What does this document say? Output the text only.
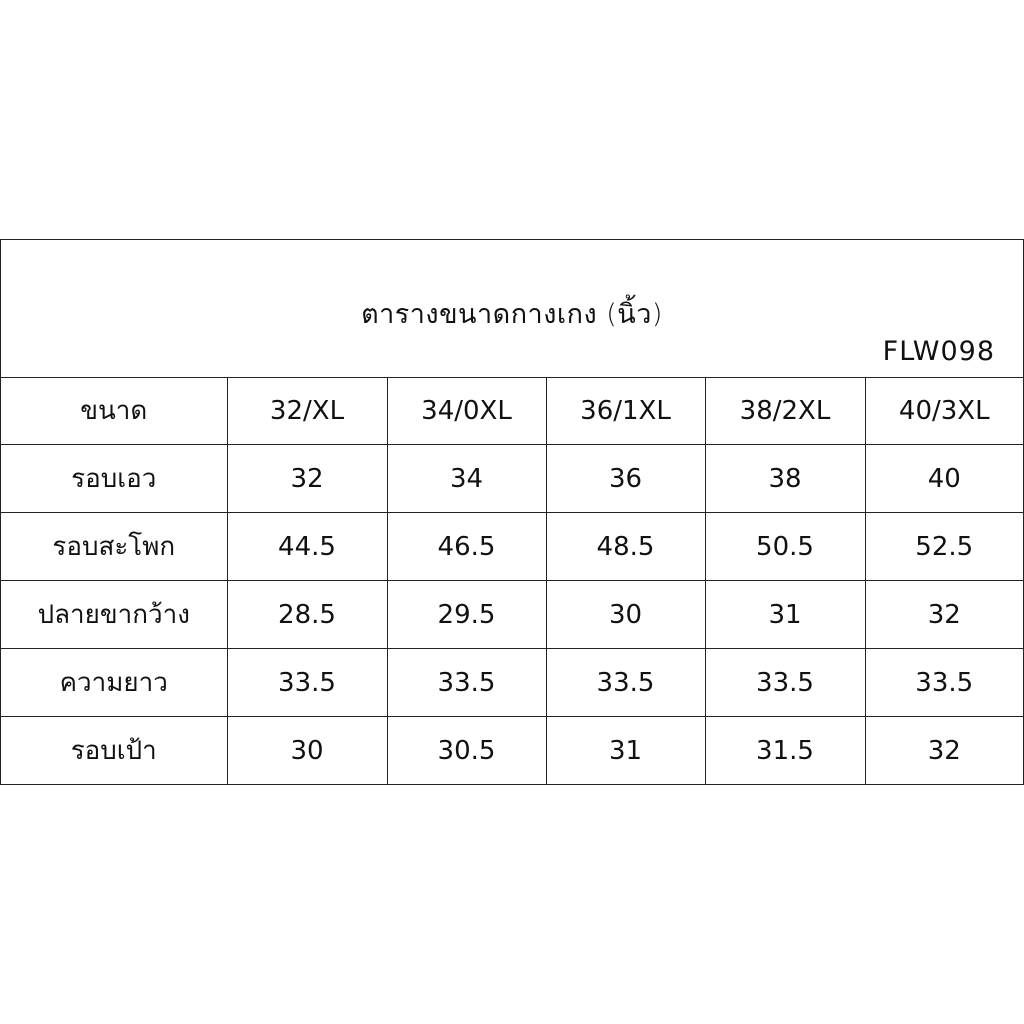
ตารางขนาดกางเกง (นิ้ว)
FLW098
ขนาด	32/XL	34/0XL	36/1XL	38/2XL	40/3XL
รอบเอว	32	34	36	38	40
รอบสะโพก	44.5	46.5	48.5	50.5	52.5
ปลายขากว้าง	28.5	29.5	30	31	32
ความยาว	33.5	33.5	33.5	33.5	33.5
รอบเป้า	30	30.5	31	31.5	32
